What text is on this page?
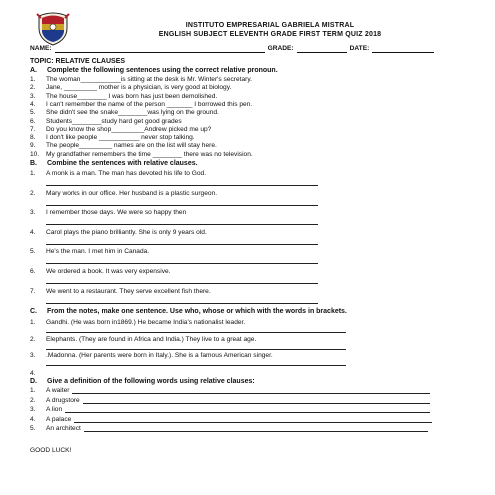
INSTITUTO EMPRESARIAL GABRIELA MISTRAL
ENGLISH SUBJECT ELEVENTH GRADE FIRST TERM QUIZ 2018
NAME:	GRADE:	DATE:
TOPIC: RELATIVE CLAUSES
A. Complete the following sentences using the correct relative pronoun.
1. The woman___________is sitting at the desk is Mr. Winter's secretary.
2. Jane, _________ mother is a physician, is very good at biology.
3. The house________ I was born has just been demolished.
4. I can't remember the name of the person _______ I borrowed this pen.
5. She didn't see the snake________was lying on the ground.
6. Students________study hard get good grades
7. Do you know the shop_________Andrew picked me up?
8. I don't like people ___________ never stop talking.
9. The people_________ names are on the list will stay here.
10. My grandfather remembers the time ________ there was no television.
B. Combine the sentences with relative clauses.
1. A monk is a man. The man has devoted his life to God.
2. Mary works in our office. Her husband is a plastic surgeon.
3. I remember those days. We were so happy then
4. Carol plays the piano brilliantly. She is only 9 years old.
5. He's the man. I met him in Canada.
6. We ordered a book. It was very expensive.
7. We went to a restaurant. They serve excellent fish there.
C. From the notes, make one sentence. Use who, whose or which with the words in brackets.
1. Gandhi. (He was born in1869.) He became India's nationalist leader.
2. Elephants. (They are found in Africa and India.) They live to a great age.
3. .Madonna. (Her parents were born in Italy.). She is a famous American singer.
4.
D. Give a definition of the following words using relative clauses:
1. A waiter
2. A drugstore
3. A lion
4. A palace
5. An architect
GOOD LUCK!
